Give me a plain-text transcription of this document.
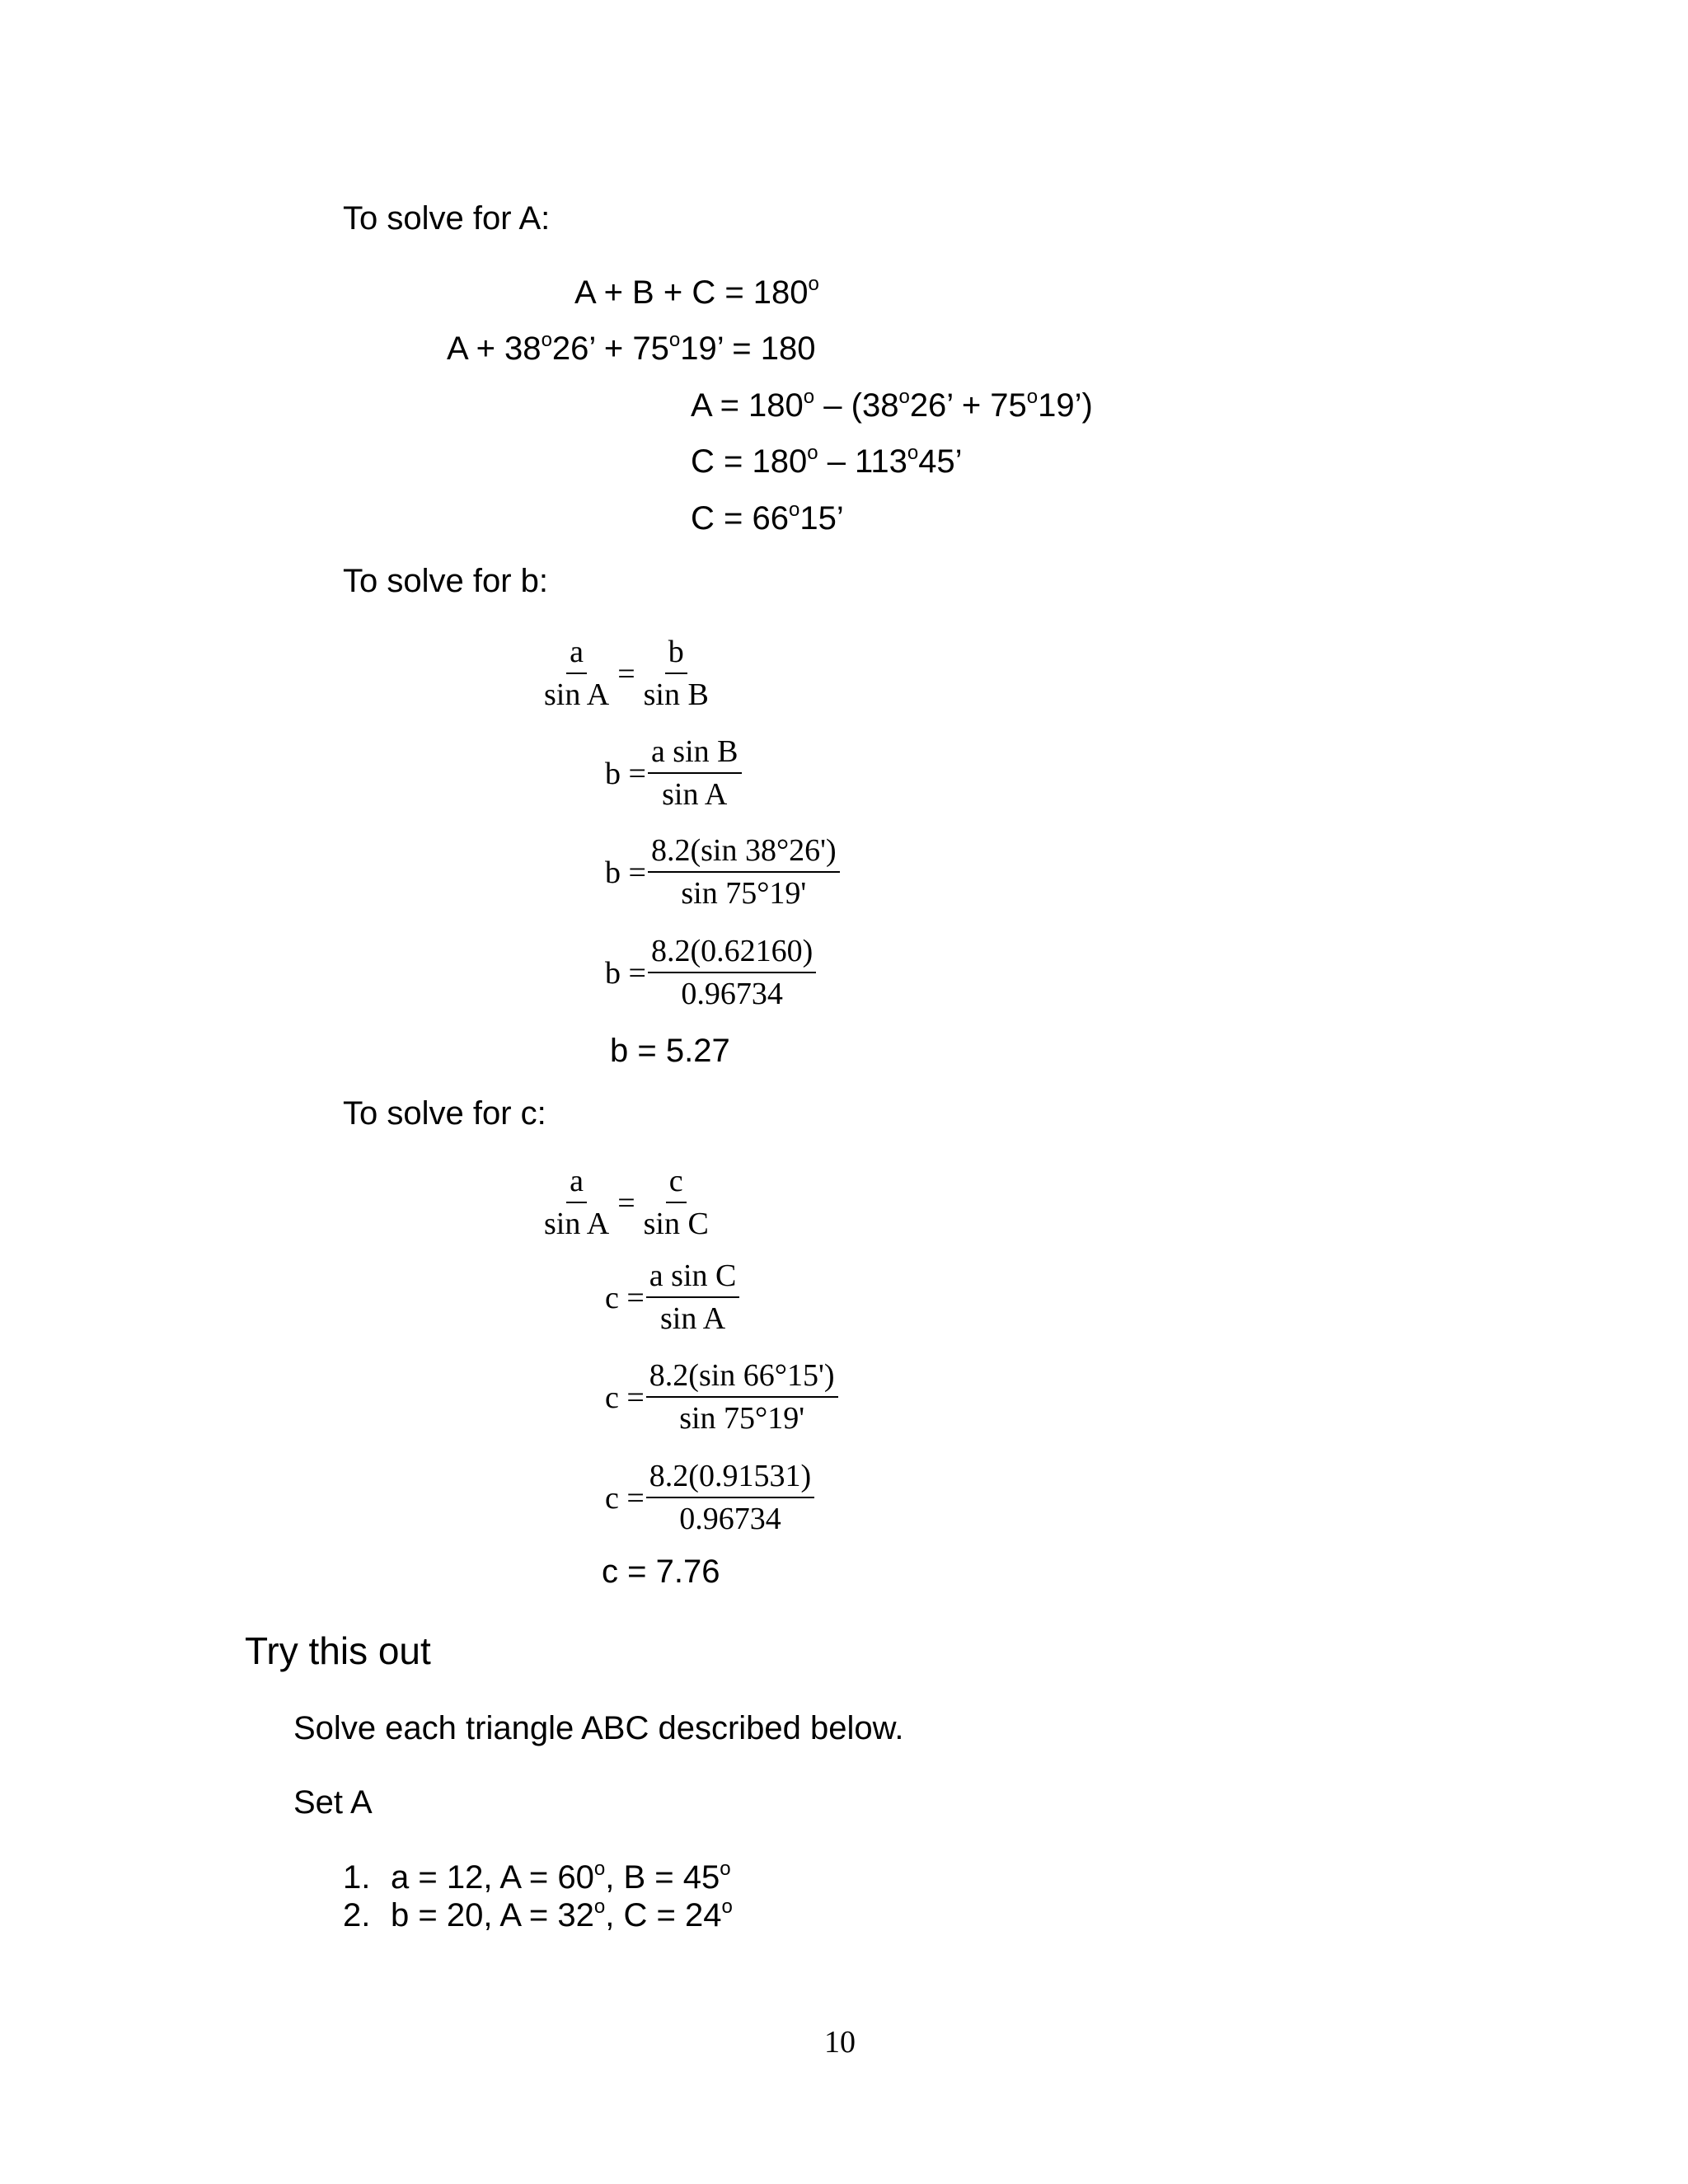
To solve for A:
$A + B + C = 180^o$
$A + 38^o26$’ + $75^o19$’ = 180
$A = 180^o - (38^o26$’ + $75^o19$’)
$C = 180^o - 113^o45$’
$C = 66^o15$’
To solve for b:
$\frac{a}{\text{sin A}} = \frac{b}{\text{sin B}}$
$b = \frac{\text{a sin B}}{\text{sin A}}$
$b = \frac{8.2(\sin 38^\circ 26')}{\sin 75^\circ 19'}$
$b = \frac{8.2(0.62160)}{0.96734}$
b = 5.27
To solve for c:
$\frac{a}{\text{sin A}} = \frac{c}{\text{sin C}}$
$c = \frac{\text{a sin C}}{\text{sin A}}$
$c = \frac{8.2(\sin 66^\circ 15')}{\sin 75^\circ 19'}$
$c = \frac{8.2(0.91531)}{0.96734}$
c = 7.76
Try this out
Solve each triangle ABC described below.
Set A
1. a = 12, $A = 60^o$, $B = 45^o$
2. b = 20, $A = 32^o$, $C = 24^o$
10
